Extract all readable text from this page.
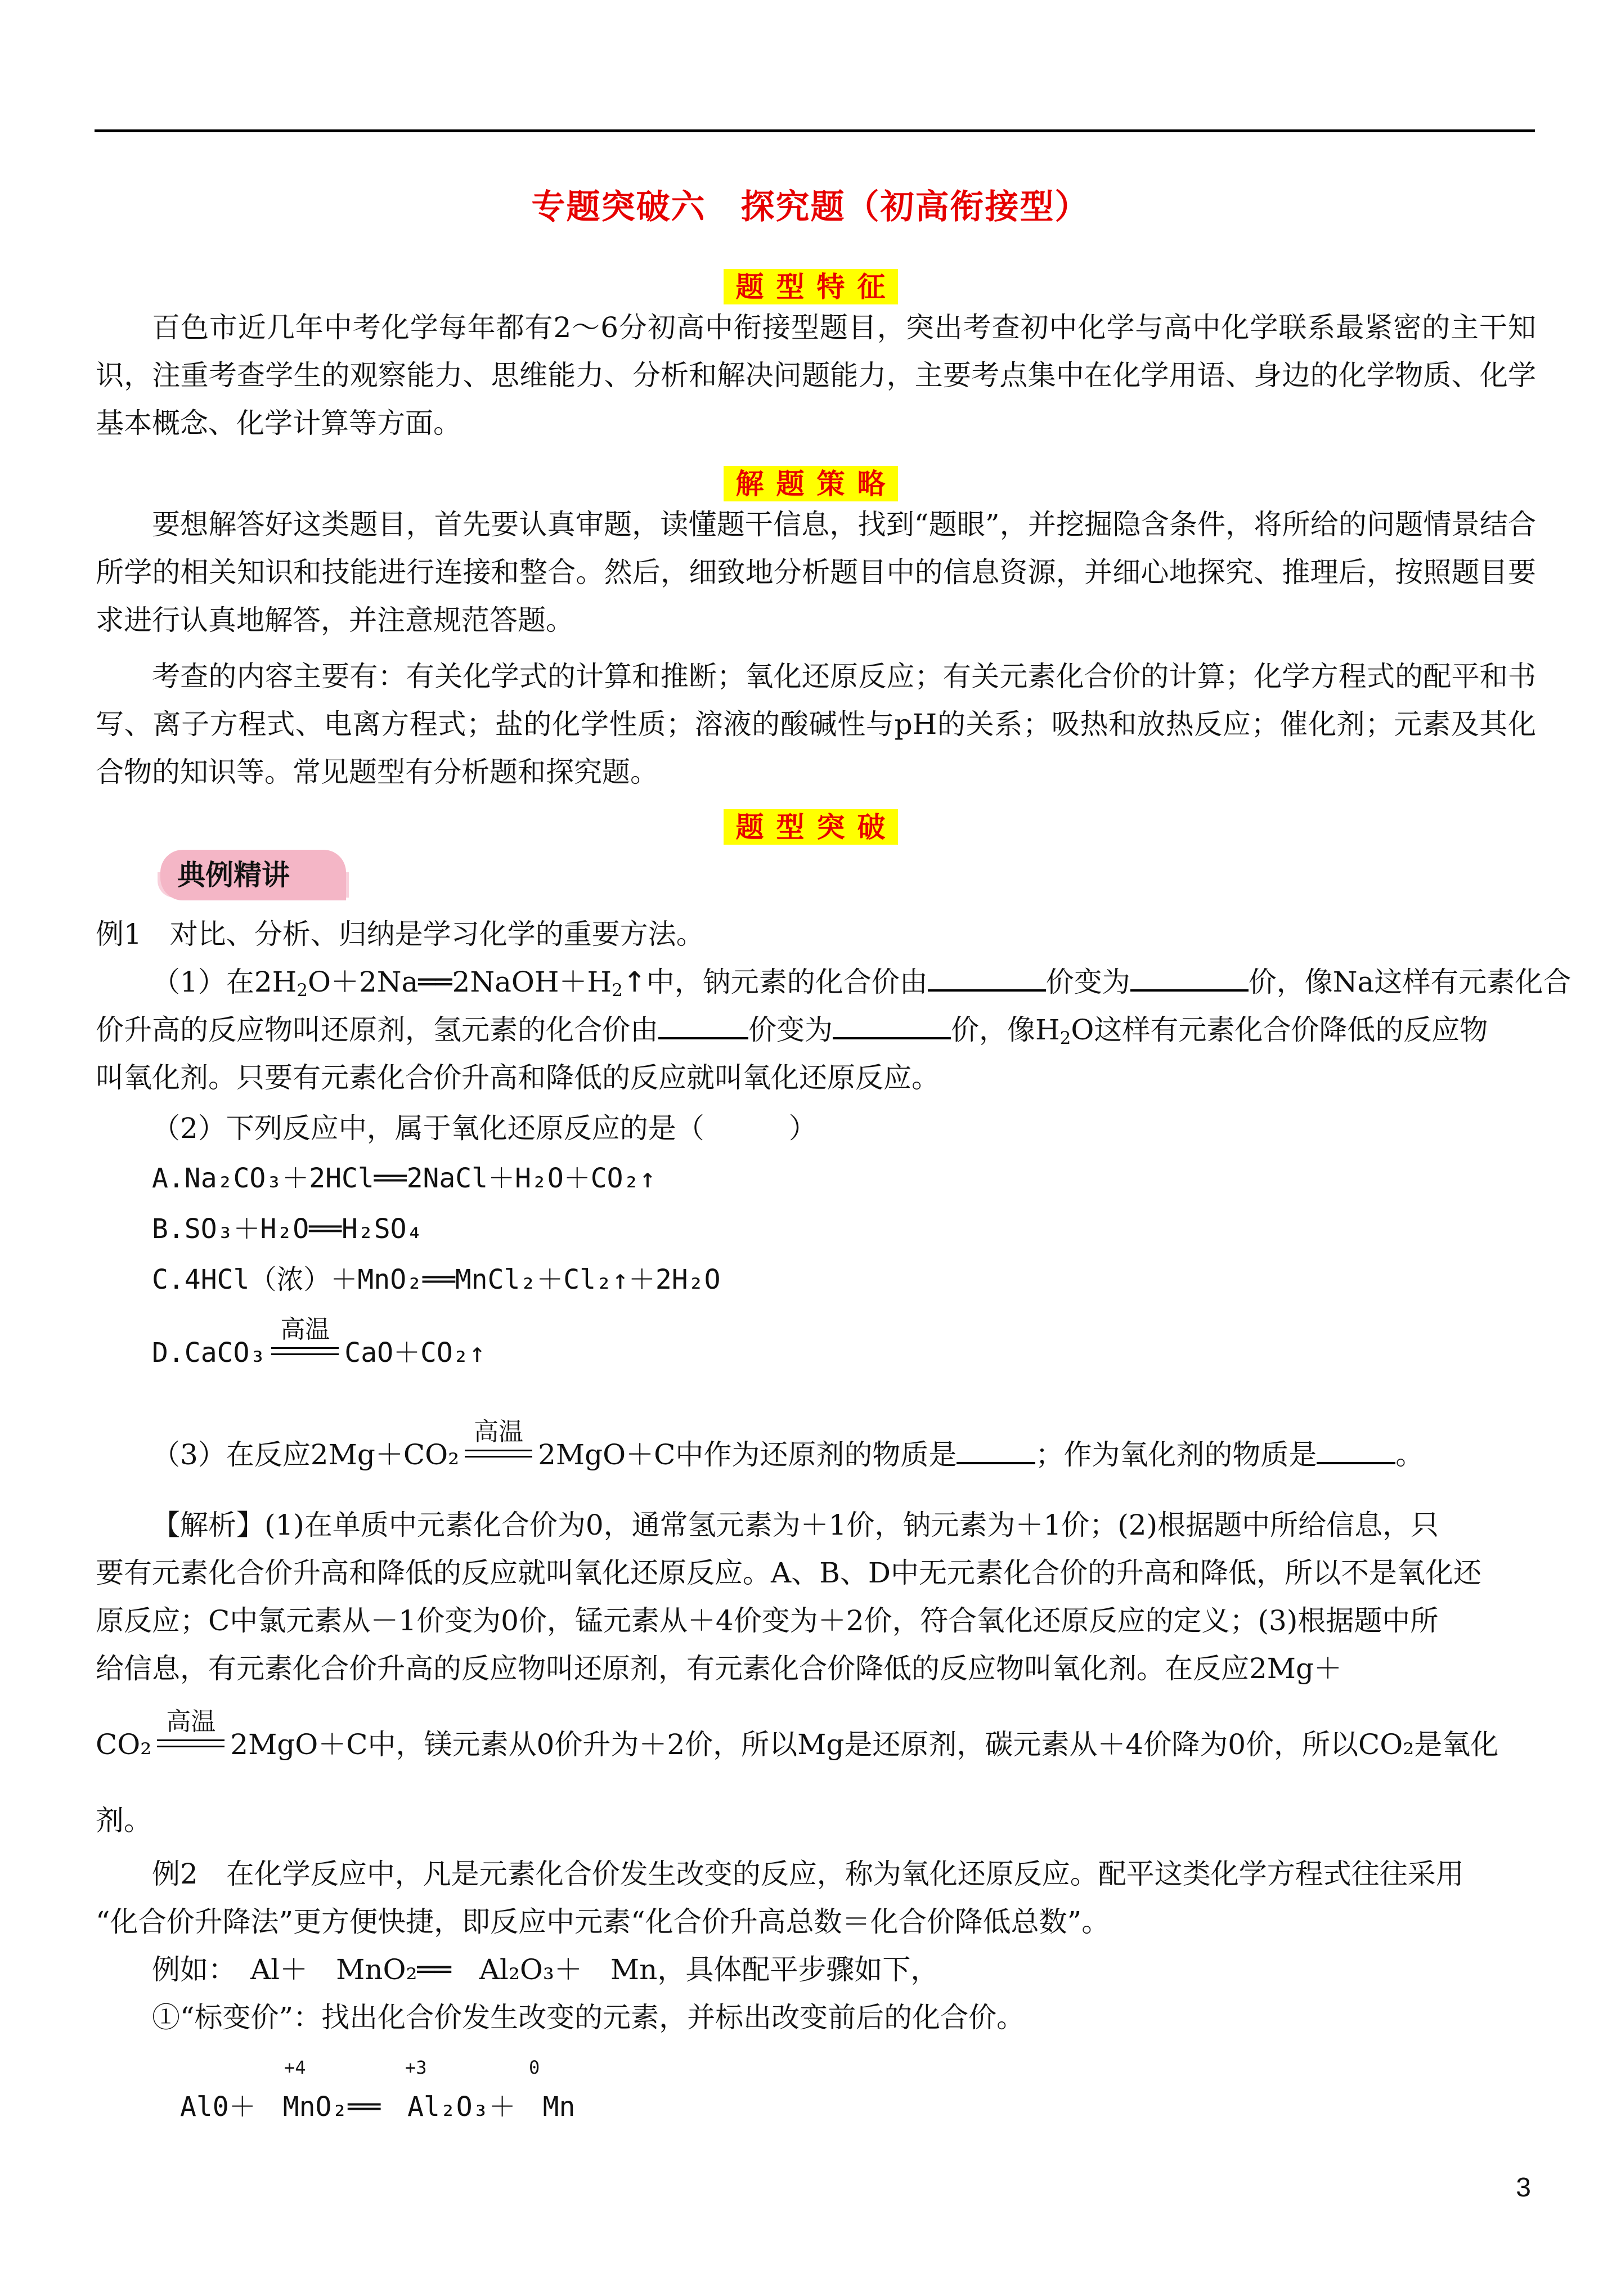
专题突破六　探究题（初高衔接型）
题型特征

百色市近几年中考化学每年都有2～6分初高中衔接型题目，突出考查初中化学与高中化学联系最紧密的主干知识，注重考查学生的观察能力、思维能力、分析和解决问题能力，主要考点集中在化学用语、身边的化学物质、化学基本概念、化学计算等方面。

解题策略

要想解答好这类题目，首先要认真审题，读懂题干信息，找到“题眼”，并挖掘隐含条件，将所给的问题情景结合所学的相关知识和技能进行连接和整合。然后，细致地分析题目中的信息资源，并细心地探究、推理后，按照题目要求进行认真地解答，并注意规范答题。

考查的内容主要有：有关化学式的计算和推断；氧化还原反应；有关元素化合价的计算；化学方程式的配平和书写、离子方程式、电离方程式；盐的化学性质；溶液的酸碱性与pH的关系；吸热和放热反应；催化剂；元素及其化合物的知识等。常见题型有分析题和探究题。

题型突破
典例精讲
例1　对比、分析、归纳是学习化学的重要方法。
（1）在$2H_2O+2Na══2NaOH+H_2↑$中，钠元素的化合价由	价变为	价，像Na这样有元素化合
价升高的反应物叫还原剂，氢元素的化合价由	价变为	价，像$H_2O$这样有元素化合价降低的反应物
叫氧化剂。只要有元素化合价升高和降低的反应就叫氧化还原反应。
（2）下列反应中，属于氧化还原反应的是（　　　）
A.Na₂CO₃＋2HCl══2NaCl＋H₂O＋CO₂↑
B.SO₃＋H₂O══H₂SO₄
C.4HCl（浓）＋MnO₂══MnCl₂＋Cl₂↑＋2H₂O
D.CaCO₃
高温
CaO＋CO₂↑
（3）在反应2Mg＋CO₂
高温
2MgO＋C中作为还原剂的物质是	；作为氧化剂的物质是	。
【解析】(1)在单质中元素化合价为0，通常氢元素为＋1价，钠元素为＋1价；(2)根据题中所给信息，只
要有元素化合价升高和降低的反应就叫氧化还原反应。A、B、D中无元素化合价的升高和降低，所以不是氧化还
原反应；C中氯元素从－1价变为0价，锰元素从＋4价变为＋2价，符合氧化还原反应的定义；(3)根据题中所
给信息，有元素化合价升高的反应物叫还原剂，有元素化合价降低的反应物叫氧化剂。在反应2Mg＋
CO₂
高温
2MgO＋C中，镁元素从0价升为＋2价，所以Mg是还原剂，碳元素从＋4价降为0价，所以CO₂是氧化
剂。
例2　在化学反应中，凡是元素化合价发生改变的反应，称为氧化还原反应。配平这类化学方程式往往采用
“化合价升降法”更方便快捷，即反应中元素“化合价升高总数＝化合价降低总数”。
例如：　Al＋　MnO₂══　Al₂O₃＋　Mn，具体配平步骤如下，
①“标变价”：找出化合价发生改变的元素，并标出改变前后的化合价。
+4	+3	0
Al0＋　MnO₂══　Al₂O₃＋　Mn
3
